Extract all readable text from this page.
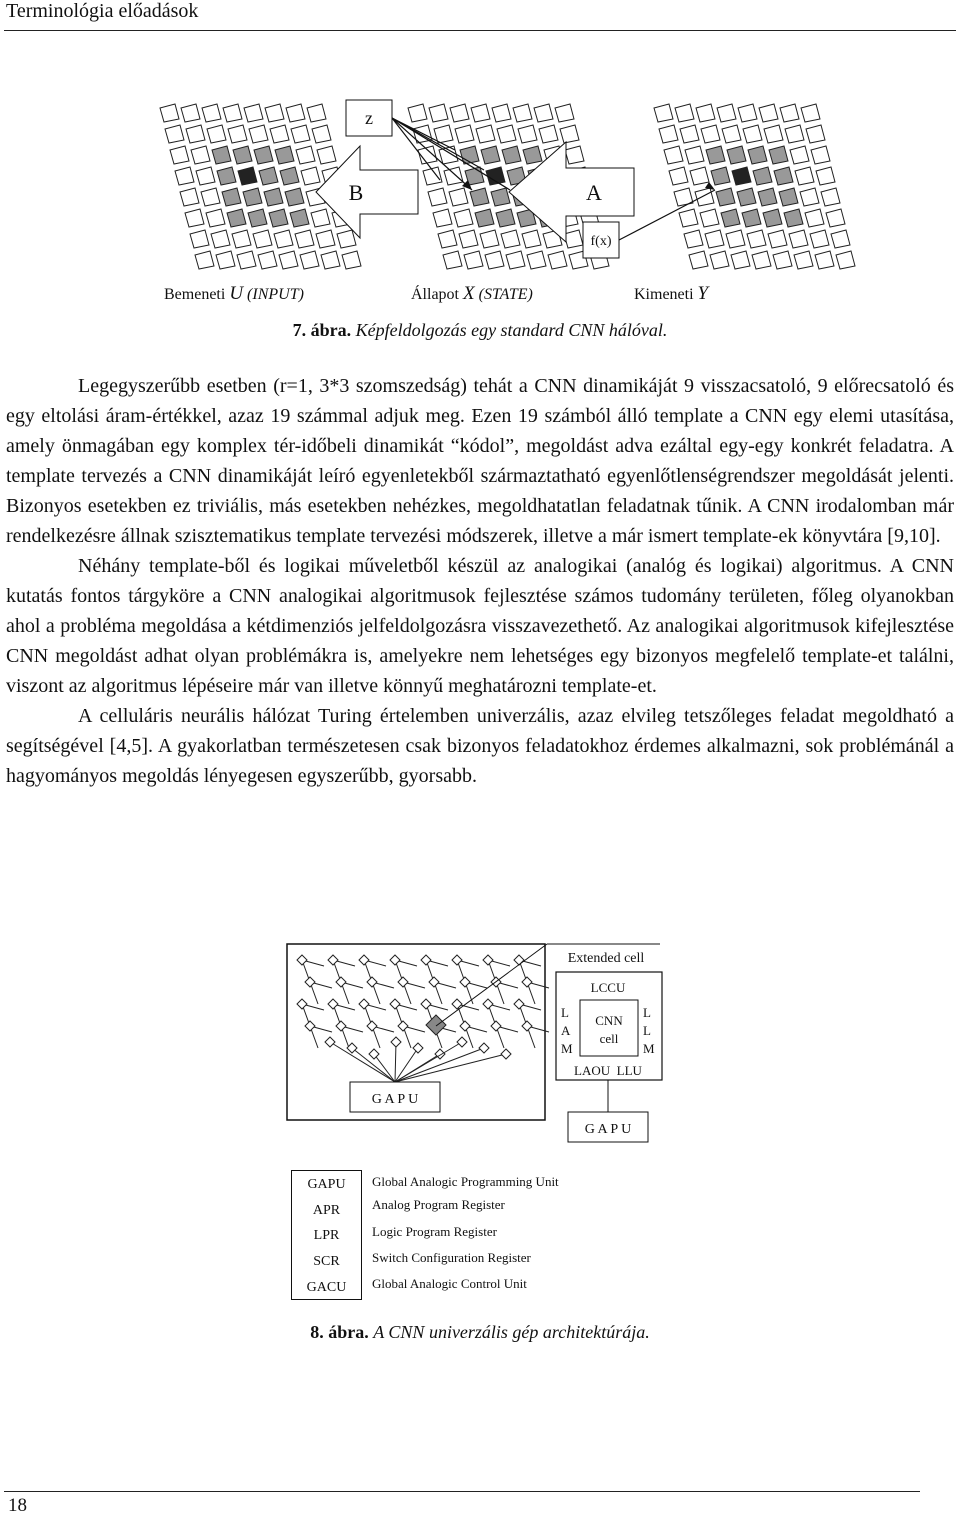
Terminológia előadások
z
B	A
f(x)
Bemeneti U (INPUT)	Állapot X (STATE)	Kimeneti Y
7. ábra. Képfeldolgozás egy standard CNN hálóval.

Legegyszerűbb esetben (r=1, 3*3 szomszedság) tehát a CNN dinamikáját 9 visszacsatoló, 9 előrecsatoló és egy eltolási áram-értékkel, azaz 19 számmal adjuk meg. Ezen 19 számból álló template a CNN egy elemi utasítása, amely önmagában egy komplex tér-időbeli dinamikát “kódol”, megoldást adva ezáltal egy-egy konkrét feladatra. A template tervezés a CNN dinamikáját leíró egyenletekből származtatható egyenlőtlenségrendszer megoldását jelenti. Bizonyos esetekben ez triviális, más esetekben nehézkes, megoldhatatlan feladatnak tűnik. A CNN irodalomban már rendelkezésre állnak szisztematikus template tervezési módszerek, illetve a már ismert template-ek könyvtára [9,10].

Néhány template-ből és logikai műveletből készül az analogikai (analóg és logikai) algoritmus. A CNN kutatás fontos tárgyköre a CNN analogikai algoritmusok fejlesztése számos tudomány területen, főleg olyanokban ahol a probléma megoldása a kétdimenziós jelfeldolgozásra visszavezethető. Az analogikai algoritmusok kifejlesztése CNN megoldást adhat olyan problémákra is, amelyekre nem lehetséges egy bizonyos megfelelő template-et találni, viszont az algoritmus lépéseire már van illetve könnyű meghatározni template-et.

A celluláris neurális hálózat Turing értelemben univerzális, azaz elvileg tetszőleges feladat megoldható a segítségével [4,5]. A gyakorlatban természetesen csak bizonyos feladatokhoz érdemes alkalmazni, sok problémánál a hagyományos megoldás lényegesen egyszerűbb, gyorsabb.

G A P U
Extended cell
LCCU
L
A
M
L
L
M
CNN
cell
LAOU  LLU
G A P U
GAPU	Global Analogic Programming Unit
APR	Analog Program Register
LPR	Logic Program Register
SCR	Switch Configuration Register
GACU	Global Analogic Control Unit
8. ábra. A CNN univerzális gép architektúrája.
18
